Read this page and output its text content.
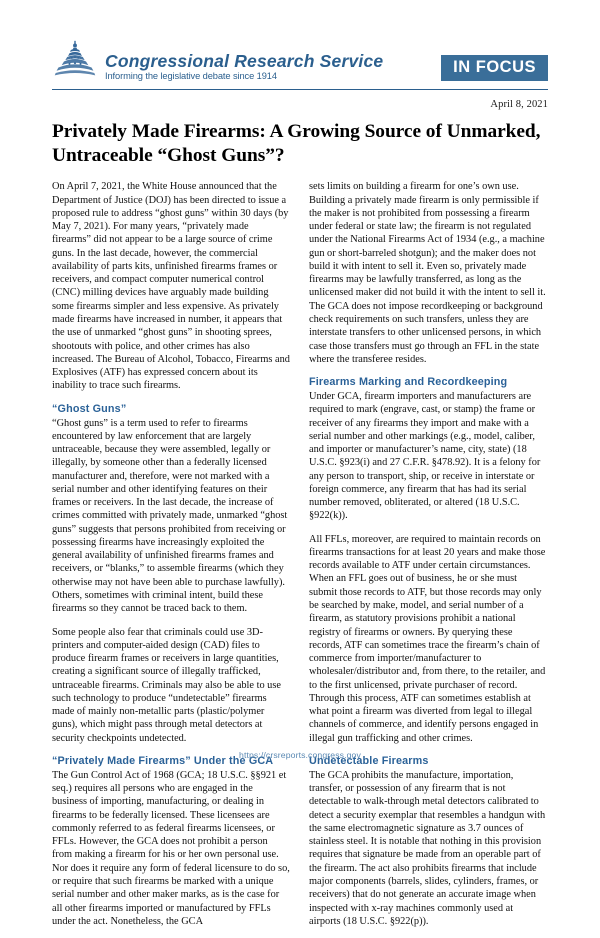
Congressional Research Service
Informing the legislative debate since 1914
IN FOCUS
April 8, 2021
Privately Made Firearms: A Growing Source of Unmarked, Untraceable “Ghost Guns”?

On April 7, 2021, the White House announced that the Department of Justice (DOJ) has been directed to issue a proposed rule to address “ghost guns” within 30 days (by May 7, 2021). For many years, “privately made firearms” did not appear to be a large source of crime guns. In the last decade, however, the commercial availability of parts kits, unfinished firearms frames or receivers, and compact computer numerical control (CNC) milling devices have arguably made building some firearms simpler and less expensive. As privately made firearms have increased in number, it appears that the use of unmarked “ghost guns” in shooting sprees, shootouts with police, and other crimes has also increased. The Bureau of Alcohol, Tobacco, Firearms and Explosives (ATF) has expressed concern about its inability to trace such firearms.

“Ghost Guns”

“Ghost guns” is a term used to refer to firearms encountered by law enforcement that are largely untraceable, because they were assembled, legally or illegally, by someone other than a federally licensed manufacturer and, therefore, were not marked with a serial number and other identifying features on their frames or receivers. In the last decade, the increase of crimes committed with privately made, unmarked “ghost guns” suggests that persons prohibited from receiving or possessing firearms have increasingly exploited the general availability of unfinished firearms frames and receivers, or “blanks,” to assemble firearms (which they otherwise may not have been able to purchase lawfully). Others, sometimes with criminal intent, build these firearms so they cannot be traced back to them.

Some people also fear that criminals could use 3D-printers and computer-aided design (CAD) files to produce firearm frames or receivers in large quantities, creating a significant source of illegally trafficked, untraceable firearms. Criminals may also be able to use such technology to produce “undetectable” firearms made of mainly non-metallic parts (plastic/polymer guns), which might pass through metal detectors at security checkpoints undetected.

“Privately Made Firearms” Under the GCA

The Gun Control Act of 1968 (GCA; 18 U.S.C. §§921 et seq.) requires all persons who are engaged in the business of importing, manufacturing, or dealing in firearms to be federally licensed. These licensees are commonly referred to as federal firearms licensees, or FFLs. However, the GCA does not prohibit a person from making a firearm for his or her own personal use. Nor does it require any form of federal licensure to do so, or require that such firearms be marked with a unique serial number and other maker marks, as is the case for all other firearms imported or manufactured by FFLs under the act. Nonetheless, the GCA

sets limits on building a firearm for one’s own use. Building a privately made firearm is only permissible if the maker is not prohibited from possessing a firearm under federal or state law; the firearm is not regulated under the National Firearms Act of 1934 (e.g., a machine gun or short-barreled shotgun); and the maker does not build it with intent to sell it. Even so, privately made firearms may be lawfully transferred, as long as the unlicensed maker did not build it with the intent to sell it. The GCA does not impose recordkeeping or background check requirements on such transfers, unless they are interstate transfers to other unlicensed persons, in which case those transfers must go through an FFL in the state where the transferee resides.

Firearms Marking and Recordkeeping

Under GCA, firearm importers and manufacturers are required to mark (engrave, cast, or stamp) the frame or receiver of any firearms they import and make with a serial number and other markings (e.g., model, caliber, and importer or manufacturer’s name, city, state) (18 U.S.C. §923(i) and 27 C.F.R. §478.92). It is a felony for any person to transport, ship, or receive in interstate or foreign commerce, any firearm that has had its serial number removed, obliterated, or altered (18 U.S.C. §922(k)).

All FFLs, moreover, are required to maintain records on firearms transactions for at least 20 years and make those records available to ATF under certain circumstances. When an FFL goes out of business, he or she must submit those records to ATF, but those records may only be searched by make, model, and serial number of a firearm, as statutory provisions prohibit a national registry of firearms or owners. By querying these records, ATF can sometimes trace the firearm’s chain of commerce from importer/manufacturer to wholesaler/distributor and, from there, to the retailer, and to the first unlicensed, private purchaser of record. Through this process, ATF can sometimes establish at what point a firearm was diverted from legal to illegal channels of commerce, and identify persons engaged in illegal gun trafficking and other crimes.

Undetectable Firearms

The GCA prohibits the manufacture, importation, transfer, or possession of any firearm that is not detectable to walk-through metal detectors calibrated to detect a security exemplar that resembles a handgun with the same electromagnetic signature as 3.7 ounces of stainless steel. It is notable that nothing in this provision requires that signature be made from an operable part of the firearm. The act also prohibits firearms that include major components (barrels, slides, cylinders, frames, or receivers) that do not generate an accurate image when inspected with x-ray machines commonly used at airports (18 U.S.C. §922(p)).

https://crsreports.congress.gov
